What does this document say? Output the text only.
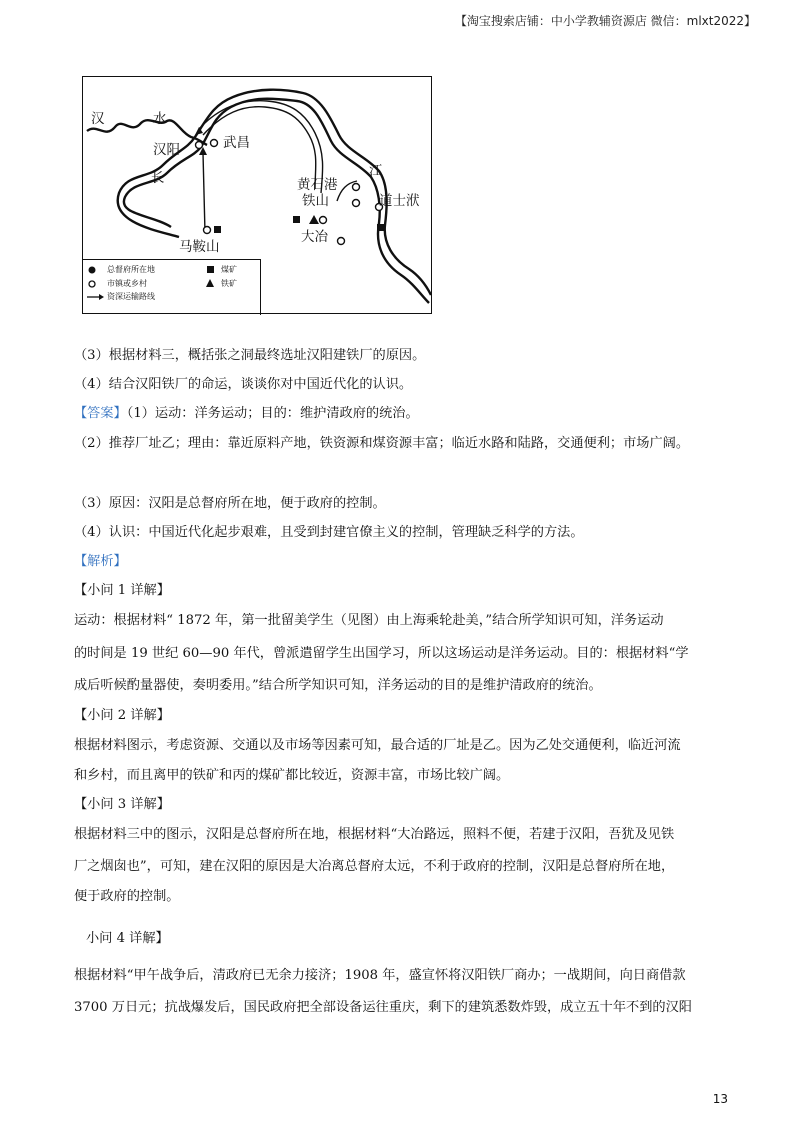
【淘宝搜索店铺：中小学教辅资源店 微信：mlxt2022】
汉	水
汉阳	武昌
长
马鞍山
黄石港
铁山
江
道士洑
大冶
总督府所在地
市镇或乡村
资深运输路线
煤矿
铁矿
（3）根据材料三，概括张之洞最终选址汉阳建铁厂的原因。
（4）结合汉阳铁厂的命运，谈谈你对中国近代化的认识。
【答案】（1）运动：洋务运动；目的：维护清政府的统治。
（2）推荐厂址乙；理由：靠近原料产地，铁资源和煤资源丰富；临近水路和陆路，交通便利；市场广阔。
（3）原因：汉阳是总督府所在地，便于政府的控制。
（4）认识：中国近代化起步艰难，且受到封建官僚主义的控制，管理缺乏科学的方法。
【解析】
【小问 1 详解】
运动：根据材料“ 1872 年，第一批留美学生（见图）由上海乘轮赴美，”结合所学知识可知，洋务运动
的时间是 19 世纪 60—90 年代，曾派遣留学生出国学习，所以这场运动是洋务运动。目的：根据材料“学
成后听候酌量器使，奏明委用。”结合所学知识可知，洋务运动的目的是维护清政府的统治。
【小问 2 详解】
根据材料图示，考虑资源、交通以及市场等因素可知，最合适的厂址是乙。因为乙处交通便利，临近河流
和乡村，而且离甲的铁矿和丙的煤矿都比较近，资源丰富，市场比较广阔。
【小问 3 详解】
根据材料三中的图示，汉阳是总督府所在地，根据材料“大冶路远，照料不便，若建于汉阳，吾犹及见铁
厂之烟囱也”，可知，建在汉阳的原因是大冶离总督府太远，不利于政府的控制，汉阳是总督府所在地，
便于政府的控制。
小问 4 详解】
根据材料“甲午战争后，清政府已无余力接济；1908 年，盛宣怀将汉阳铁厂商办；一战期间，向日商借款
3700 万日元；抗战爆发后，国民政府把全部设备运往重庆，剩下的建筑悉数炸毁，成立五十年不到的汉阳
13
